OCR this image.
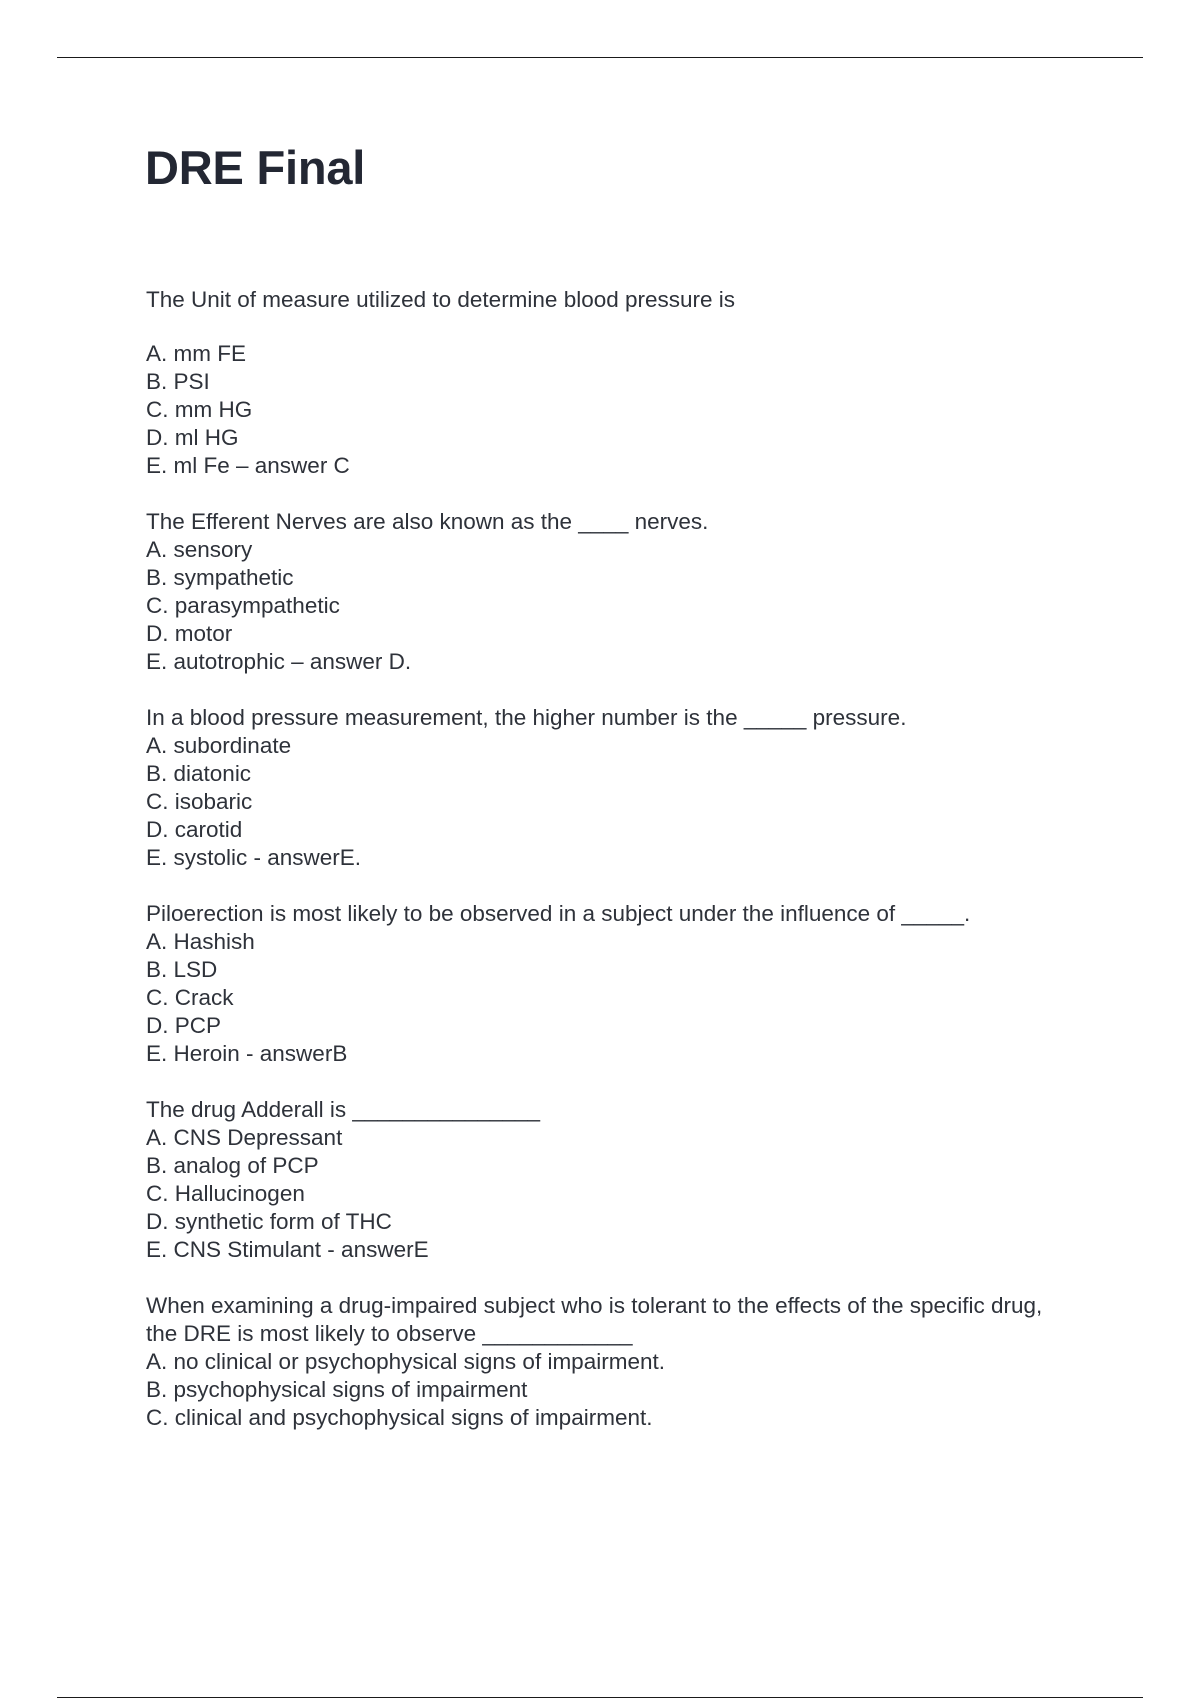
DRE Final

The Unit of measure utilized to determine blood pressure is

A. mm FE

B. PSI

C. mm HG

D. ml HG

E. ml Fe – answer C

The Efferent Nerves are also known as the ____ nerves.

A. sensory

B. sympathetic

C. parasympathetic

D. motor

E. autotrophic – answer D.

In a blood pressure measurement, the higher number is the _____ pressure.

A. subordinate

B. diatonic

C. isobaric

D. carotid

E. systolic - answerE.

Piloerection is most likely to be observed in a subject under the influence of _____.

A. Hashish

B. LSD

C. Crack

D. PCP

E. Heroin - answerB

The drug Adderall is _______________

A. CNS Depressant

B. analog of PCP

C. Hallucinogen

D. synthetic form of THC

E. CNS Stimulant - answerE

When examining a drug-impaired subject who is tolerant to the effects of the specific drug, the DRE is most likely to observe ____________

A. no clinical or psychophysical signs of impairment.

B. psychophysical signs of impairment

C. clinical and psychophysical signs of impairment.
